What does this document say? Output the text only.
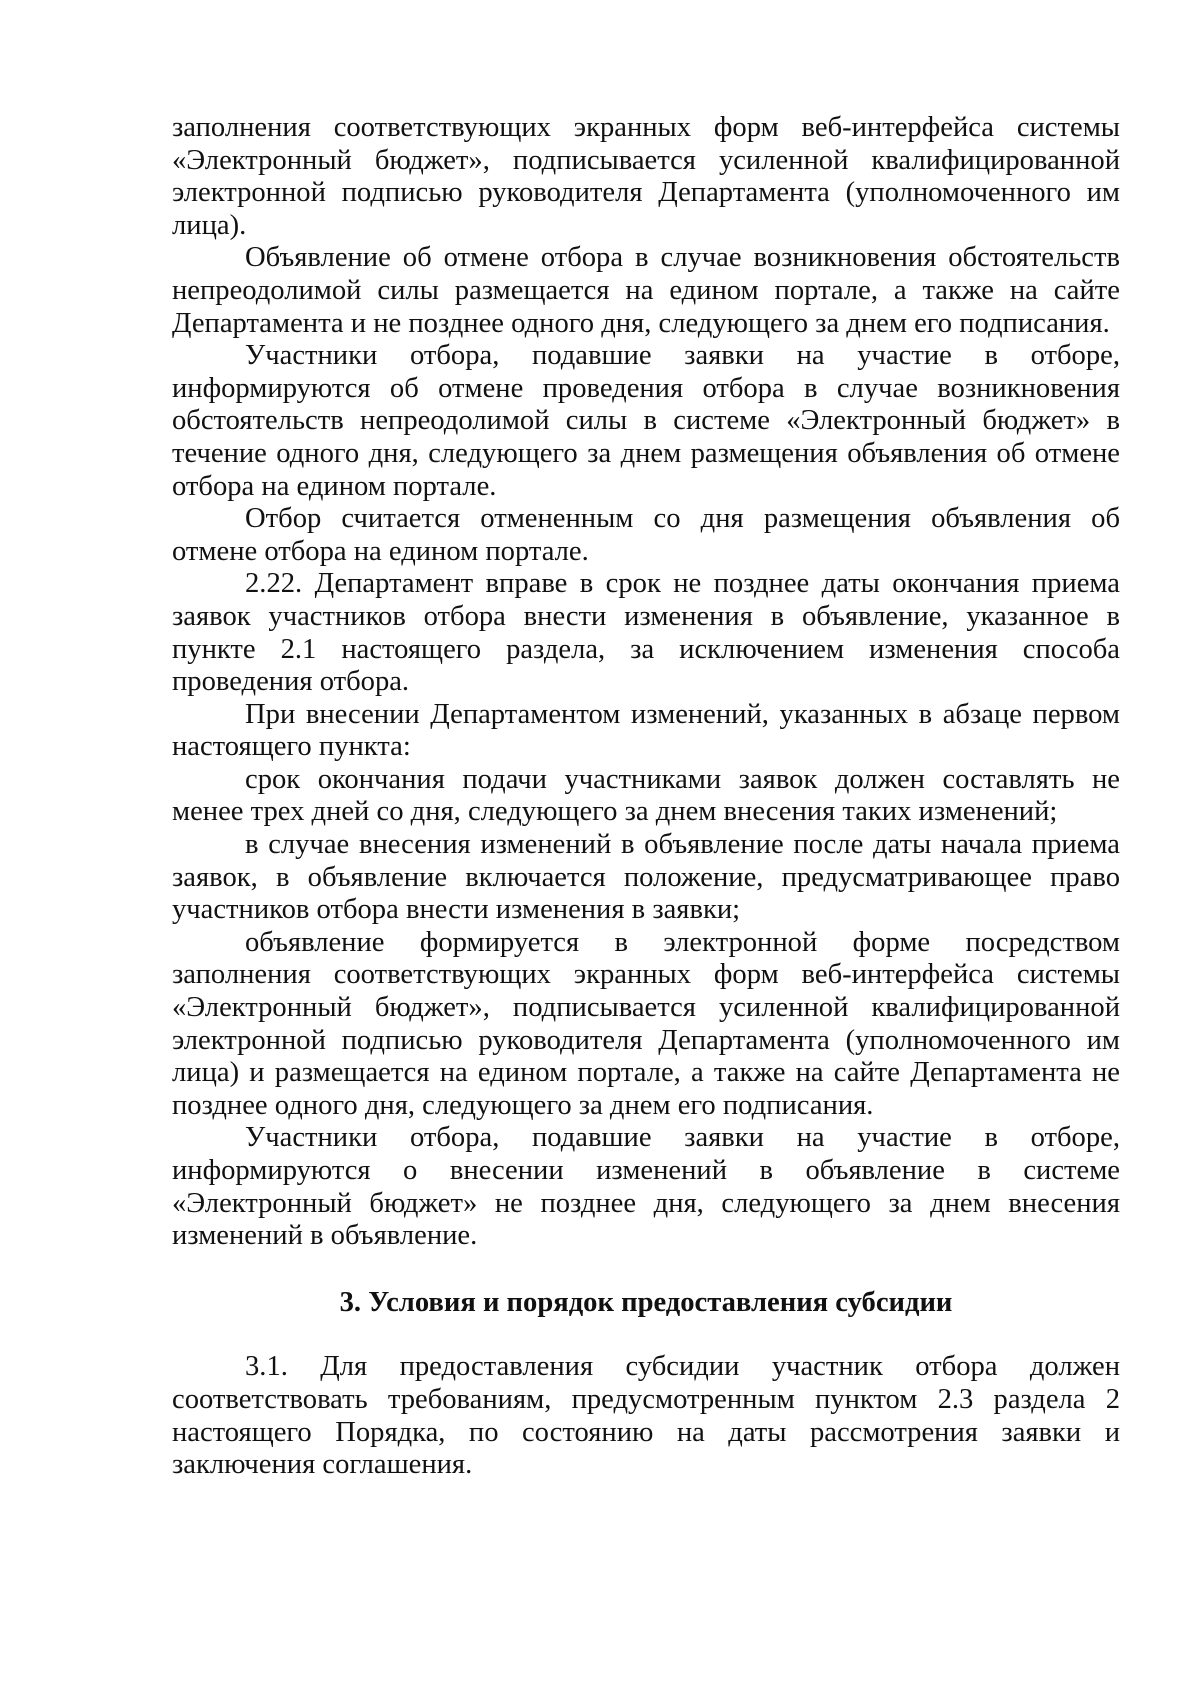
заполнения соответствующих экранных форм веб-интерфейса системы «Электронный бюджет», подписывается усиленной квалифицированной электронной подписью руководителя Департамента (уполномоченного им лица).

Объявление об отмене отбора в случае возникновения обстоятельств непреодолимой силы размещается на едином портале, а также на сайте Департамента и не позднее одного дня, следующего за днем его подписания.

Участники отбора, подавшие заявки на участие в отборе, информируются об отмене проведения отбора в случае возникновения обстоятельств непреодолимой силы в системе «Электронный бюджет» в течение одного дня, следующего за днем размещения объявления об отмене отбора на едином портале.

Отбор считается отмененным со дня размещения объявления об отмене отбора на едином портале.

2.22. Департамент вправе в срок не позднее даты окончания приема заявок участников отбора внести изменения в объявление, указанное в пункте 2.1 настоящего раздела, за исключением изменения способа проведения отбора.

При внесении Департаментом изменений, указанных в абзаце первом настоящего пункта:

срок окончания подачи участниками заявок должен составлять не менее трех дней со дня, следующего за днем внесения таких изменений;

в случае внесения изменений в объявление после даты начала приема заявок, в объявление включается положение, предусматривающее право участников отбора внести изменения в заявки;

объявление формируется в электронной форме посредством заполнения соответствующих экранных форм веб-интерфейса системы «Электронный бюджет», подписывается усиленной квалифицированной электронной подписью руководителя Департамента (уполномоченного им лица) и размещается на едином портале, а также на сайте Департамента не позднее одного дня, следующего за днем его подписания.

Участники отбора, подавшие заявки на участие в отборе, информируются о внесении изменений в объявление в системе «Электронный бюджет» не позднее дня, следующего за днем внесения изменений в объявление.

3. Условия и порядок предоставления субсидии

3.1. Для предоставления субсидии участник отбора должен соответствовать требованиям, предусмотренным пунктом 2.3 раздела 2 настоящего Порядка, по состоянию на даты рассмотрения заявки и заключения соглашения.
